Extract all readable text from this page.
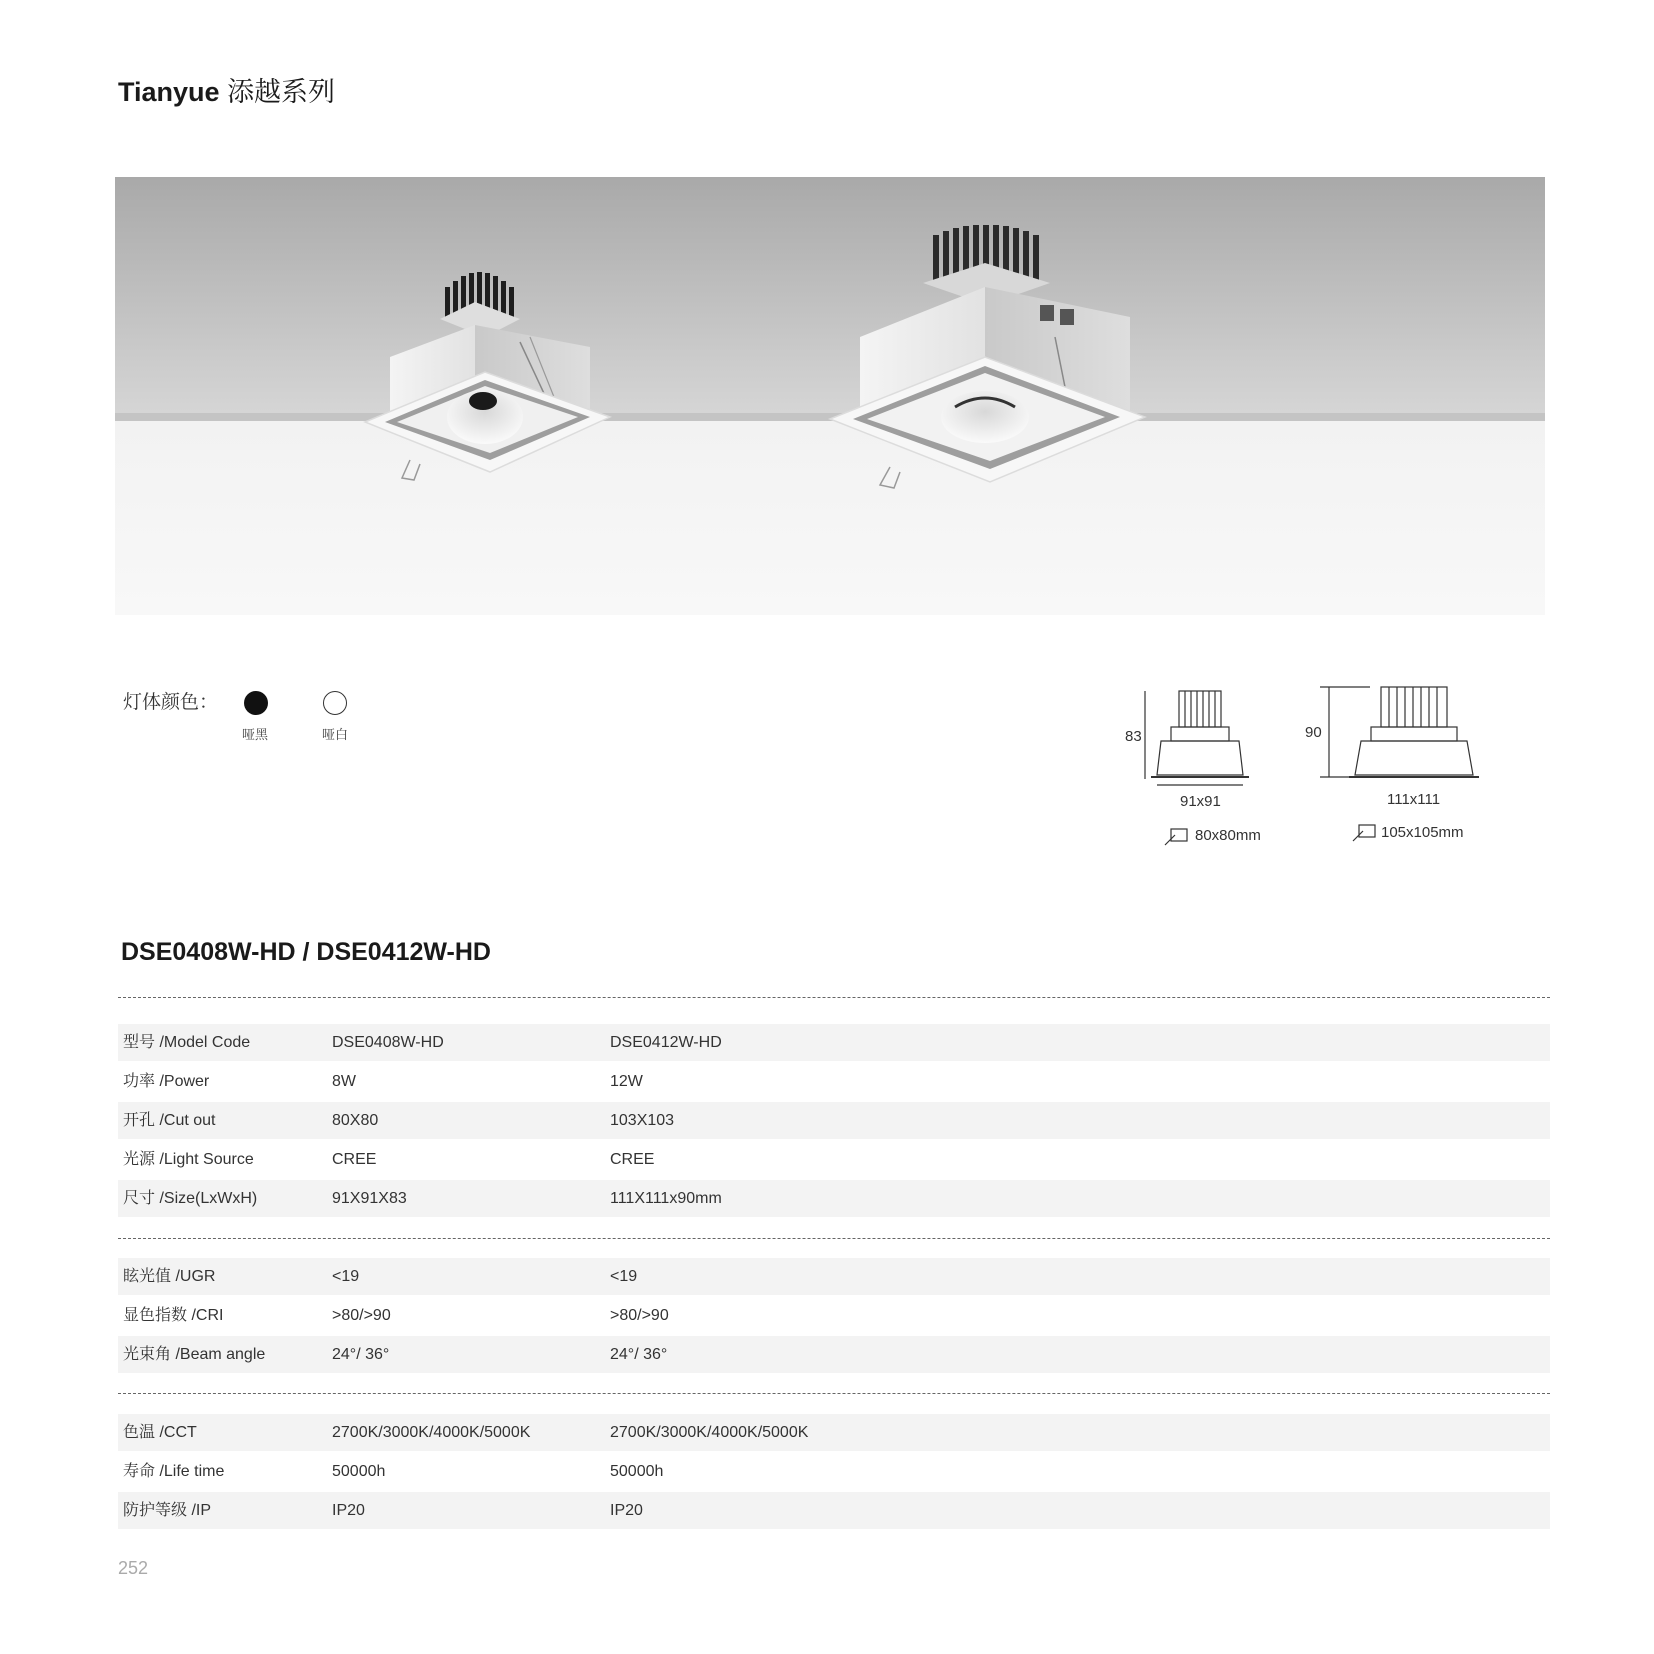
Tianyue 添越系列
灯体颜色：
哑黑	哑白	83
91x91
80x80mm
90
111x111
105x105mm
DSE0408W-HD / DSE0412W-HD
型号 /Model Code	DSE0408W-HD	DSE0412W-HD
功率 /Power	8W	12W
开孔 /Cut out	80X80	103X103
光源 /Light Source	CREE	CREE
尺寸 /Size(LxWxH)	91X91X83	111X111x90mm
眩光值 /UGR	<19	<19
显色指数 /CRI	>80/>90	>80/>90
光束角 /Beam angle	24°/ 36°	24°/ 36°
色温 /CCT	2700K/3000K/4000K/5000K	2700K/3000K/4000K/5000K
寿命 /Life time	50000h	50000h
防护等级 /IP	IP20	IP20
252
